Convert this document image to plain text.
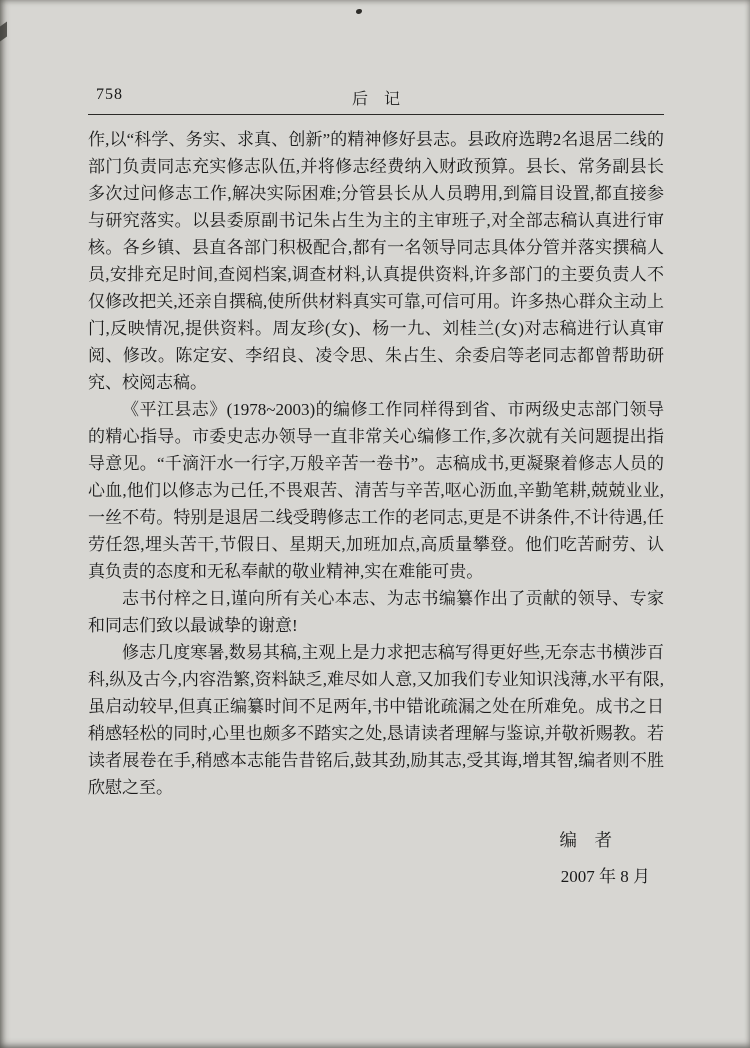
758	后　记

作,以“科学、务实、求真、创新”的精神修好县志。县政府选聘2名退居二线的部门负责同志充实修志队伍,并将修志经费纳入财政预算。县长、常务副县长多次过问修志工作,解决实际困难;分管县长从人员聘用,到篇目设置,都直接参与研究落实。以县委原副书记朱占生为主的主审班子,对全部志稿认真进行审核。各乡镇、县直各部门积极配合,都有一名领导同志具体分管并落实撰稿人员,安排充足时间,查阅档案,调查材料,认真提供资料,许多部门的主要负责人不仅修改把关,还亲自撰稿,使所供材料真实可靠,可信可用。许多热心群众主动上门,反映情况,提供资料。周友珍(女)、杨一九、刘桂兰(女)对志稿进行认真审阅、修改。陈定安、李绍良、凌令思、朱占生、余委启等老同志都曾帮助研究、校阅志稿。

《平江县志》(1978~2003)的编修工作同样得到省、市两级史志部门领导的精心指导。市委史志办领导一直非常关心编修工作,多次就有关问题提出指导意见。“千滴汗水一行字,万般辛苦一卷书”。志稿成书,更凝聚着修志人员的心血,他们以修志为己任,不畏艰苦、清苦与辛苦,呕心沥血,辛勤笔耕,兢兢业业,一丝不苟。特别是退居二线受聘修志工作的老同志,更是不讲条件,不计待遇,任劳任怨,埋头苦干,节假日、星期天,加班加点,高质量攀登。他们吃苦耐劳、认真负责的态度和无私奉献的敬业精神,实在难能可贵。

志书付梓之日,谨向所有关心本志、为志书编纂作出了贡献的领导、专家和同志们致以最诚挚的谢意!

修志几度寒暑,数易其稿,主观上是力求把志稿写得更好些,无奈志书横涉百科,纵及古今,内容浩繁,资料缺乏,难尽如人意,又加我们专业知识浅薄,水平有限,虽启动较早,但真正编纂时间不足两年,书中错讹疏漏之处在所难免。成书之日稍感轻松的同时,心里也颇多不踏实之处,恳请读者理解与鉴谅,并敬祈赐教。若读者展卷在手,稍感本志能告昔铭后,鼓其劲,励其志,受其诲,增其智,编者则不胜欣慰之至。

编　者
2007 年 8 月
